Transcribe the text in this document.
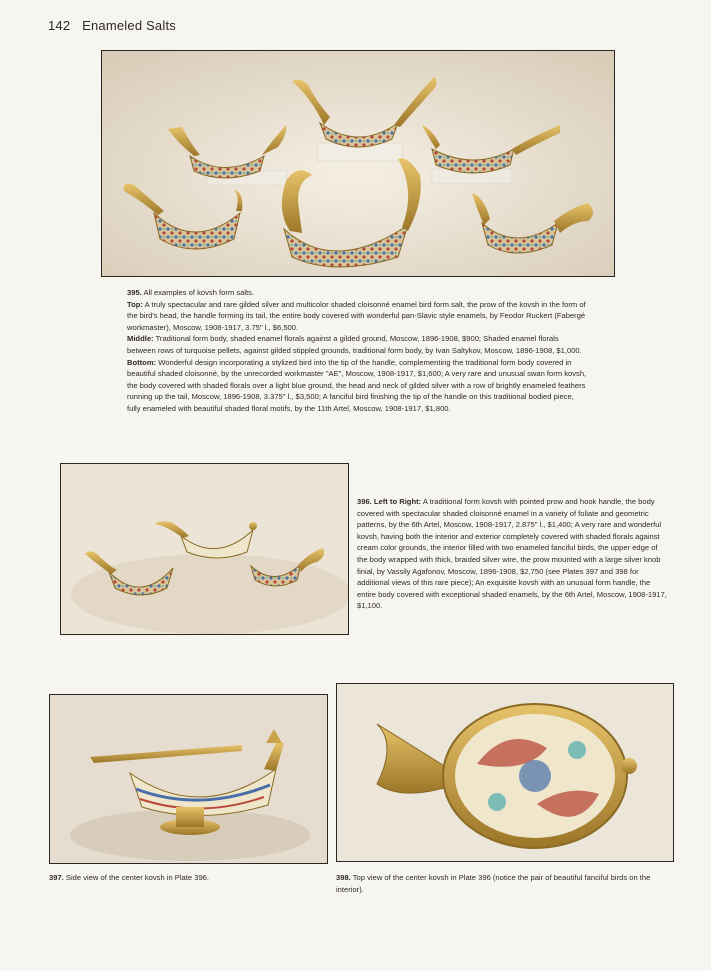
142 Enameled Salts

395. All examples of kovsh form salts.

Top: A truly spectacular and rare gilded silver and multicolor shaded cloisonné enamel bird form salt, the prow of the kovsh in the form of the bird's head, the handle forming its tail, the entire body covered with wonderful pan-Slavic style enamels, by Feodor Ruckert (Fabergé workmaster), Moscow, 1908-1917, 3.75" l., $6,500.

Middle: Traditional form body, shaded enamel florals against a gilded ground, Moscow, 1896-1908, $900; Shaded enamel florals between rows of turquoise pellets, against gilded stippled grounds, traditional form body, by Ivan Saltykov, Moscow, 1896-1908, $1,000.

Bottom: Wonderful design incorporating a stylized bird into the tip of the handle, complementing the traditional form body covered in beautiful shaded cloisonné, by the unrecorded workmaster "AE", Moscow, 1908-1917, $1,600; A very rare and unusual swan form kovsh, the body covered with shaded florals over a light blue ground, the head and neck of gilded silver with a row of brightly enameled feathers running up the tail, Moscow, 1896-1908, 3.375" l., $3,500; A fanciful bird finishing the tip of the handle on this traditional bodied piece, fully enameled with beautiful shaded floral motifs, by the 11th Artel, Moscow, 1908-1917, $1,800.

396. Left to Right: A traditional form kovsh with pointed prow and hook handle, the body covered with spectacular shaded cloisonné enamel in a variety of foliate and geometric patterns, by the 6th Artel, Moscow, 1908-1917, 2.875" l., $1,400; A very rare and wonderful kovsh, having both the interior and exterior completely covered with shaded florals against cream color grounds, the interior filled with two enameled fanciful birds, the upper edge of the body wrapped with thick, braided silver wire, the prow mounted with a large silver knob finial, by Vassily Agafonov, Moscow, 1896-1908, $2,750 (see Plates 397 and 398 for additional views of this rare piece); An exquisite kovsh with an unusual form handle, the entire body covered with exceptional shaded enamels, by the 6th Artel, Moscow, 1908-1917, $1,100.

397. Side view of the center kovsh in Plate 396.	398. Top view of the center kovsh in Plate 396 (notice the pair of beautiful fanciful birds on the interior).
